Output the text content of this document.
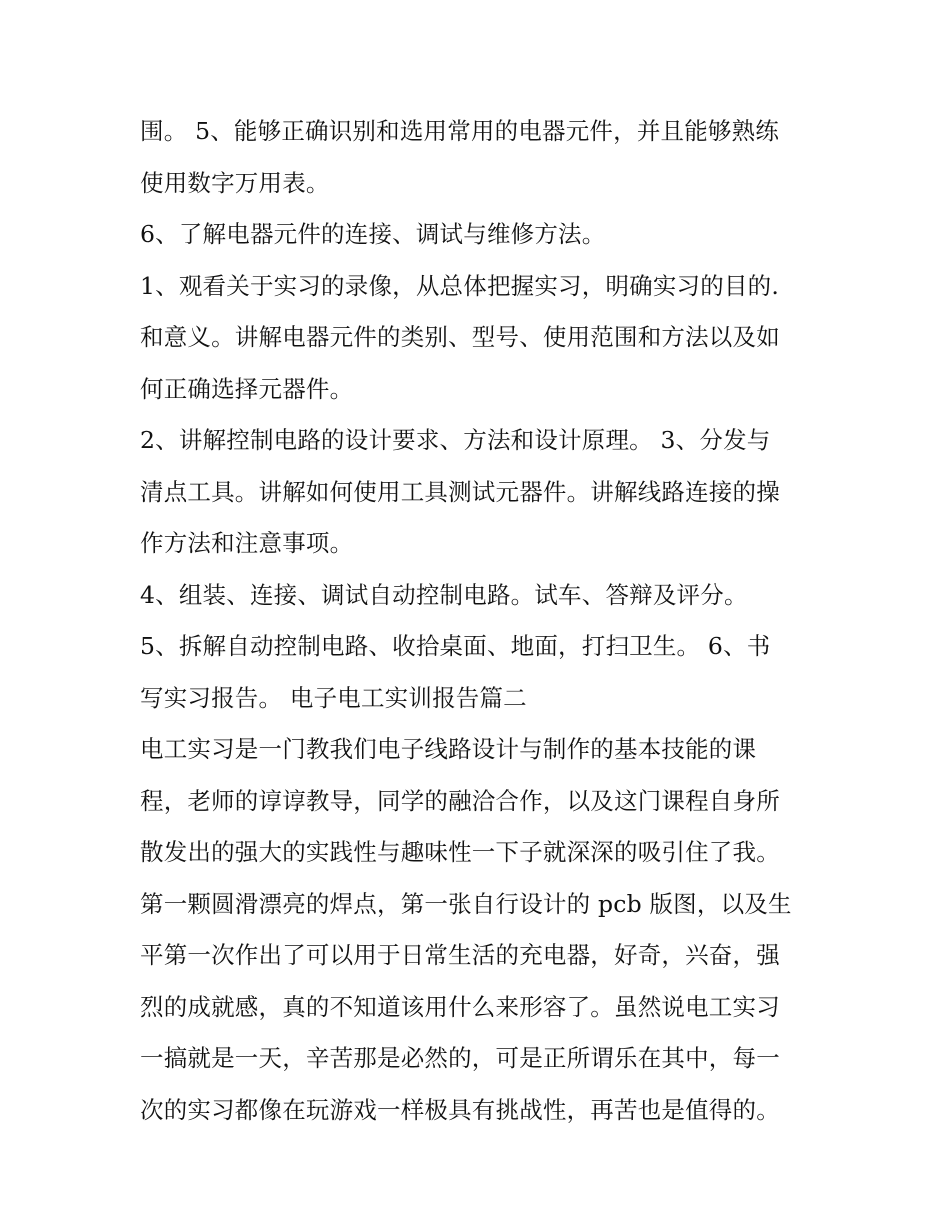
围。 5、能够正确识别和选用常用的电器元件，并且能够熟练
使用数字万用表。
6、了解电器元件的连接、调试与维修方法。
1、观看关于实习的录像，从总体把握实习，明确实习的目的.
和意义。讲解电器元件的类别、型号、使用范围和方法以及如
何正确选择元器件。
2、讲解控制电路的设计要求、方法和设计原理。 3、分发与
清点工具。讲解如何使用工具测试元器件。讲解线路连接的操
作方法和注意事项。
4、组装、连接、调试自动控制电路。试车、答辩及评分。
5、拆解自动控制电路、收拾桌面、地面，打扫卫生。 6、书
写实习报告。 电子电工实训报告篇二
电工实习是一门教我们电子线路设计与制作的基本技能的课
程，老师的谆谆教导，同学的融洽合作，以及这门课程自身所
散发出的强大的实践性与趣味性一下子就深深的吸引住了我。
第一颗圆滑漂亮的焊点，第一张自行设计的 pcb 版图，以及生
平第一次作出了可以用于日常生活的充电器，好奇，兴奋，强
烈的成就感，真的不知道该用什么来形容了。虽然说电工实习
一搞就是一天，辛苦那是必然的，可是正所谓乐在其中，每一
次的实习都像在玩游戏一样极具有挑战性，再苦也是值得的。
